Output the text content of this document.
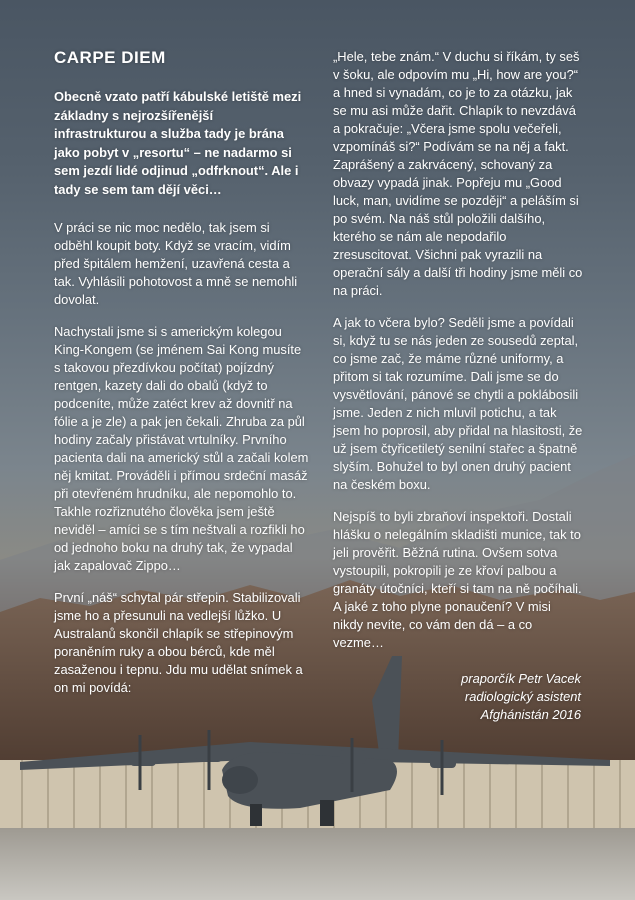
CARPE DIEM
Obecně vzato patří kábulské letiště mezi základny s nejrozšířenější infrastrukturou a služba tady je brána jako pobyt v „resortu“ – ne nadarmo si sem jezdí lidé odjinud „odfrknout“. Ale i tady se sem tam dějí věci…
V práci se nic moc nedělo, tak jsem si odběhl koupit boty. Když se vracím, vidím před špitálem hemžení, uzavřená cesta a tak. Vyhlásili pohotovost a mně se nemohli dovolat.
Nachystali jsme si s americkým kolegou King-Kongem (se jménem Sai Kong musíte s takovou přezdívkou počítat) pojízdný rentgen, kazety dali do obalů (když to podceníte, může zatéct krev až dovnitř na fólie a je zle) a pak jen čekali. Zhruba za půl hodiny začaly přistávat vrtulníky. Prvního pacienta dali na americký stůl a začali kolem něj kmitat. Prováděli i přímou srdeční masáž při otevřeném hrudníku, ale nepomohlo to. Takhle rozřiznutého člověka jsem ještě neviděl – amíci se s tím neštvali a rozfikli ho od jednoho boku na druhý tak, že vypadal jak zapalovač Zippo…
První „náš“ schytal pár střepin. Stabilizovali jsme ho a přesunuli na vedlejší lůžko. U Australanů skončil chlapík se střepinovým poraněním ruky a obou bérců, kde měl zasaženou i tepnu. Jdu mu udělat snímek a on mi povídá:
„Hele, tebe znám.“ V duchu si říkám, ty seš v šoku, ale odpovím mu „Hi, how are you?“ a hned si vynadám, co je to za otázku, jak se mu asi může dařit. Chlapík to nevzdává a pokračuje: „Včera jsme spolu večeřeli, vzpomínáš si?“ Podívám se na něj a fakt. Zaprášený a zakrvácený, schovaný za obvazy vypadá jinak. Popřeju mu „Good luck, man, uvidíme se později“ a peláším si po svém. Na náš stůl položili dalšího, kterého se nám ale nepodařilo zresuscitovat. Všichni pak vyrazili na operační sály a další tři hodiny jsme měli co na práci.
A jak to včera bylo? Seděli jsme a povídali si, když tu se nás jeden ze sousedů zeptal, co jsme zač, že máme různé uniformy, a přitom si tak rozumíme. Dali jsme se do vysvětlování, pánové se chytli a poklábosili jsme. Jeden z nich mluvil potichu, a tak jsem ho poprosil, aby přidal na hlasitosti, že už jsem čtyřicetiletý senilní stařec a špatně slyším. Bohužel to byl onen druhý pacient na českém boxu.
Nejspíš to byli zbraňoví inspektoři. Dostali hlášku o nelegálním skladišti munice, tak to jeli prověřit. Běžná rutina. Ovšem sotva vystoupili, pokropili je ze křoví palbou a granáty útočníci, kteří si tam na ně počíhali. A jaké z toho plyne ponaučení? V misi nikdy nevíte, co vám den dá – a co vezme…
praporčík Petr Vacek
radiologický asistent
Afghánistán 2016
